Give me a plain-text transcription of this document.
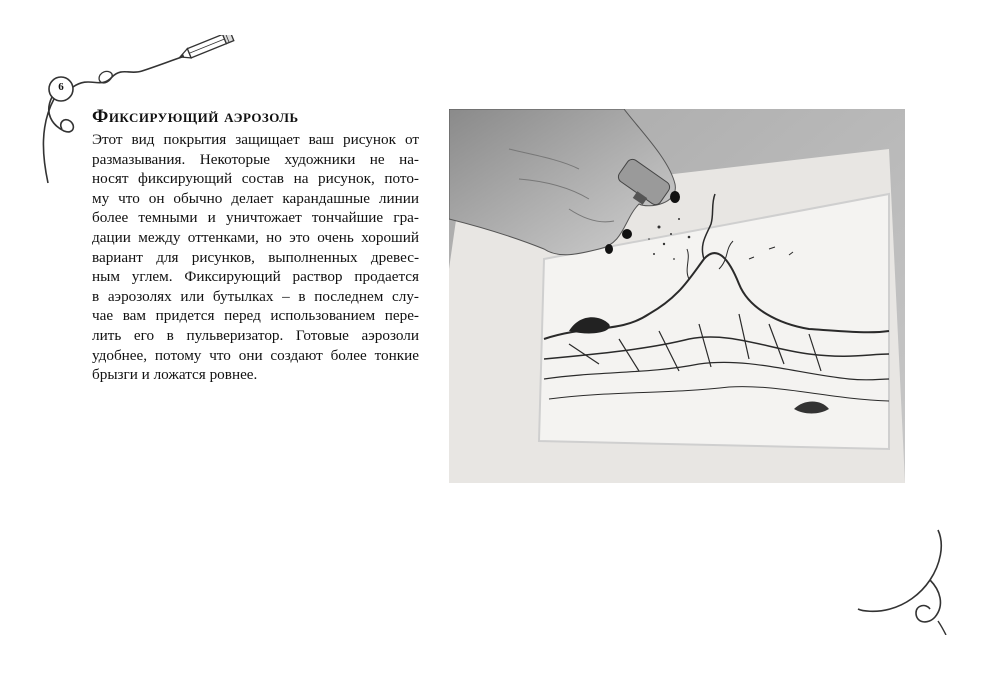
6
Фиксирующий аэрозоль
Этот вид покрытия защищает ваш рисунок от
размазывания. Некоторые художники не на-
носят фиксирующий состав на рисунок, пото-
му что он обычно делает карандашные линии
более темными и уничтожает тончайшие гра-
дации между оттенками, но это очень хороший
вариант для рисунков, выполненных древес-
ным углем. Фиксирующий раствор продается
в аэрозолях или бутылках – в последнем слу-
чае вам придется перед использованием пере-
лить его в пульверизатор. Готовые аэрозоли
удобнее, потому что они создают более тонкие
брызги и ложатся ровнее.
